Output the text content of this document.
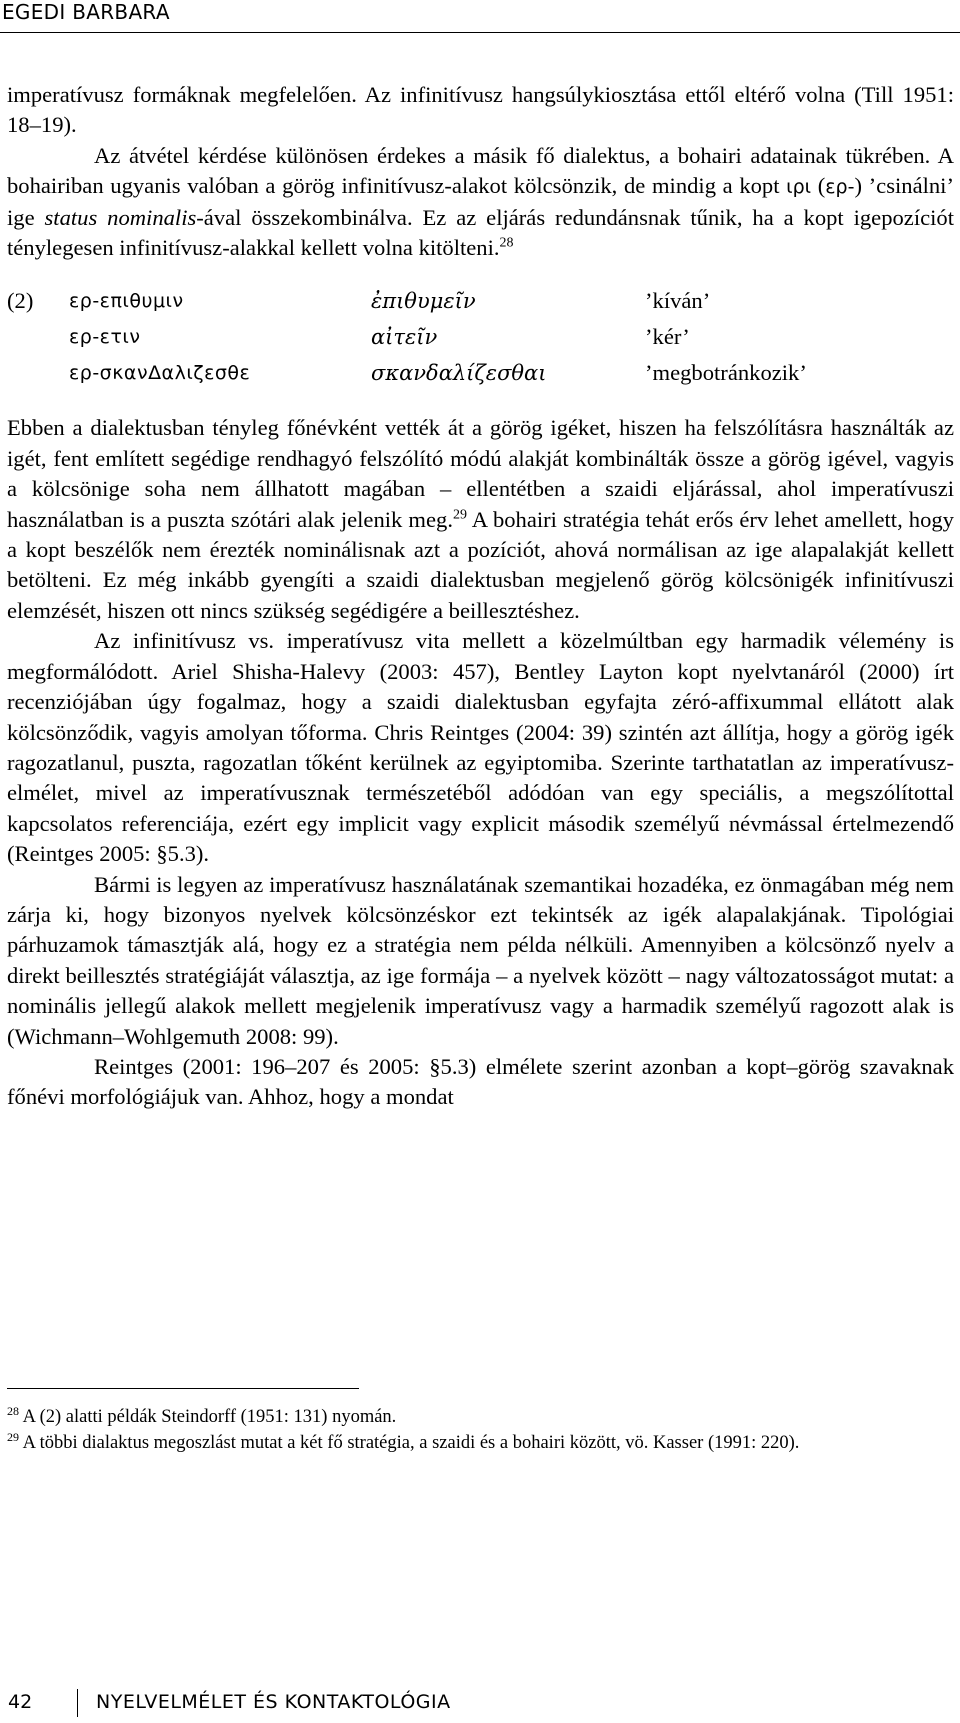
EGEDI BARBARA

imperatívusz formáknak megfelelően. Az infinitívusz hangsúlykiosztása ettől eltérő volna (Till 1951: 18–19).

Az átvétel kérdése különösen érdekes a másik fő dialektus, a bohairi adatainak tükrében. A bohairiban ugyanis valóban a görög infinitívusz-alakot kölcsönzik, de mindig a kopt ιρι (ερ-) ’csinálni’ ige status nominalis-ával összekombinálva. Ez az eljárás redundánsnak tűnik, ha a kopt igepozíciót ténylegesen infinitívusz-alakkal kellett volna kitölteni.$^{28}$

(2)	ερ-επιθυμιν	ἐπιθυμεῖν	’kíván’
ερ-ετιν	αἰτεῖν	’kér’
ερ-σκανΔαλιζεσθε	σκανδαλίζεσθαι	’megbotránkozik’

Ebben a dialektusban tényleg főnévként vették át a görög igéket, hiszen ha felszólításra használták az igét, fent említett segédige rendhagyó felszólító módú alakját kombinálták össze a görög igével, vagyis a kölcsönige soha nem állhatott magában – ellentétben a szaidi eljárással, ahol imperatívuszi használatban is a puszta szótári alak jelenik meg.$^{29}$ A bohairi stratégia tehát erős érv lehet amellett, hogy a kopt beszélők nem érezték nominálisnak azt a pozíciót, ahová normálisan az ige alapalakját kellett betölteni. Ez még inkább gyengíti a szaidi dialektusban megjelenő görög kölcsönigék infinitívuszi elemzését, hiszen ott nincs szükség segédigére a beillesztéshez.

Az infinitívusz vs. imperatívusz vita mellett a közelmúltban egy harmadik vélemény is megformálódott. Ariel Shisha-Halevy (2003: 457), Bentley Layton kopt nyelvtanáról (2000) írt recenziójában úgy fogalmaz, hogy a szaidi dialektusban egyfajta zéró-affixummal ellátott alak kölcsönződik, vagyis amolyan tőforma. Chris Reintges (2004: 39) szintén azt állítja, hogy a görög igék ragozatlanul, puszta, ragozatlan tőként kerülnek az egyiptomiba. Szerinte tarthatatlan az imperatívusz-elmélet, mivel az imperatívusznak természetéből adódóan van egy speciális, a megszólítottal kapcsolatos referenciája, ezért egy implicit vagy explicit második személyű névmással értelmezendő (Reintges 2005: §5.3).

Bármi is legyen az imperatívusz használatának szemantikai hozadéka, ez önmagában még nem zárja ki, hogy bizonyos nyelvek kölcsönzéskor ezt tekintsék az igék alapalakjának. Tipológiai párhuzamok támasztják alá, hogy ez a stratégia nem példa nélküli. Amennyiben a kölcsönző nyelv a direkt beillesztés stratégiáját választja, az ige formája – a nyelvek között – nagy változatosságot mutat: a nominális jellegű alakok mellett megjelenik imperatívusz vagy a harmadik személyű ragozott alak is (Wichmann–Wohlgemuth 2008: 99).

Reintges (2001: 196–207 és 2005: §5.3) elmélete szerint azonban a kopt–görög szavaknak főnévi morfológiájuk van. Ahhoz, hogy a mondat

$^{28}$ A (2) alatti példák Steindorff (1951: 131) nyomán.

$^{29}$ A többi dialaktus megoszlást mutat a két fő stratégia, a szaidi és a bohairi között, vö. Kasser (1991: 220).

42	NYELVELMÉLET ÉS KONTAKTOLÓGIA
